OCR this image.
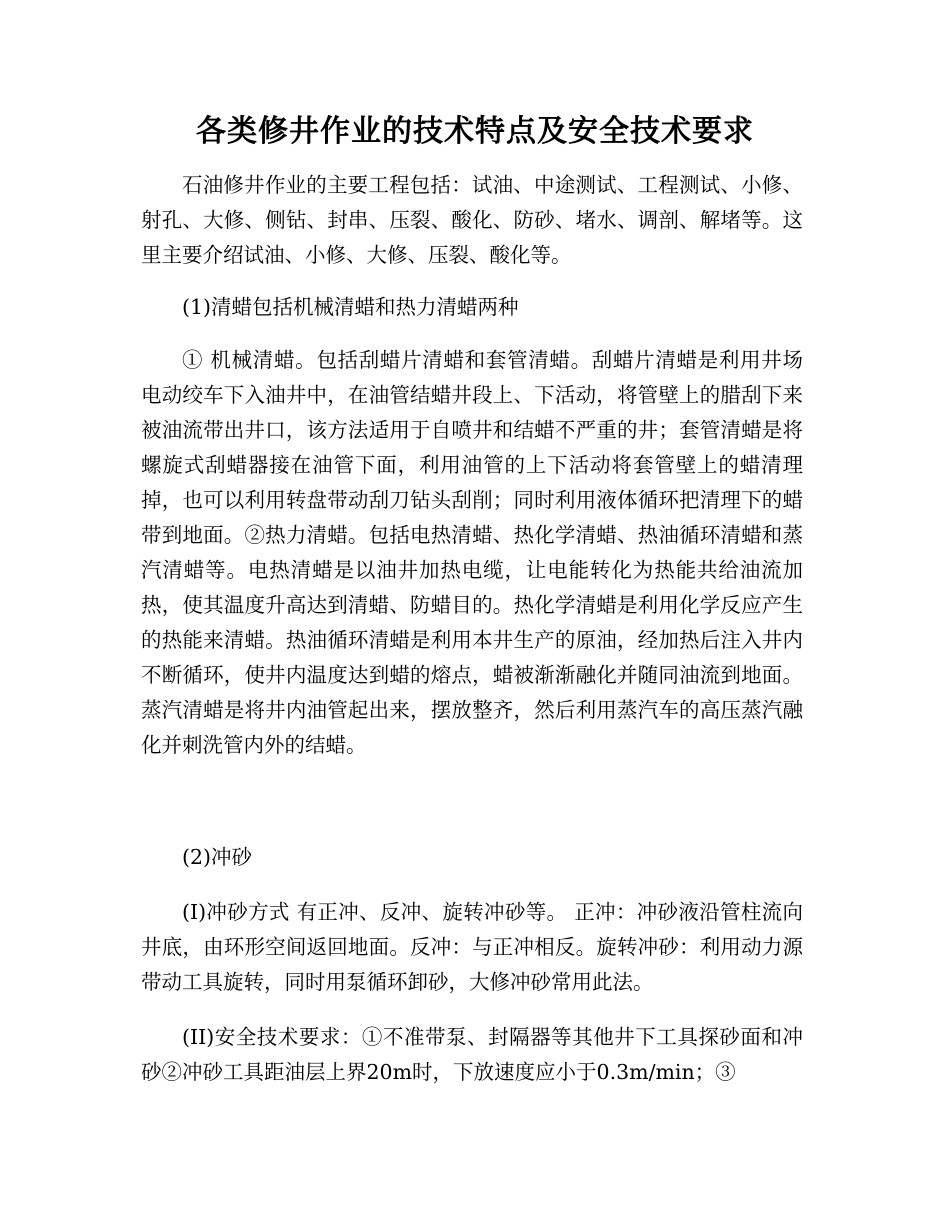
各类修井作业的技术特点及安全技术要求

石油修井作业的主要工程包括：试油、中途测试、工程测试、小修、射孔、大修、侧钻、封串、压裂、酸化、防砂、堵水、调剖、解堵等。这里主要介绍试油、小修、大修、压裂、酸化等。

(1)清蜡包括机械清蜡和热力清蜡两种

① 机械清蜡。包括刮蜡片清蜡和套管清蜡。刮蜡片清蜡是利用井场电动绞车下入油井中，在油管结蜡井段上、下活动，将管壁上的腊刮下来被油流带出井口，该方法适用于自喷井和结蜡不严重的井；套管清蜡是将螺旋式刮蜡器接在油管下面，利用油管的上下活动将套管壁上的蜡清理掉，也可以利用转盘带动刮刀钻头刮削；同时利用液体循环把清理下的蜡带到地面。②热力清蜡。包括电热清蜡、热化学清蜡、热油循环清蜡和蒸汽清蜡等。电热清蜡是以油井加热电缆，让电能转化为热能共给油流加热，使其温度升高达到清蜡、防蜡目的。热化学清蜡是利用化学反应产生的热能来清蜡。热油循环清蜡是利用本井生产的原油，经加热后注入井内不断循环，使井内温度达到蜡的熔点，蜡被渐渐融化并随同油流到地面。蒸汽清蜡是将井内油管起出来，摆放整齐，然后利用蒸汽车的高压蒸汽融化并刺洗管内外的结蜡。

(2)冲砂

(I)冲砂方式 有正冲、反冲、旋转冲砂等。 正冲：冲砂液沿管柱流向井底，由环形空间返回地面。反冲：与正冲相反。旋转冲砂：利用动力源带动工具旋转，同时用泵循环卸砂，大修冲砂常用此法。

(II)安全技术要求：①不准带泵、封隔器等其他井下工具探砂面和冲砂②冲砂工具距油层上界20m时，下放速度应小于0.3m/min；③
